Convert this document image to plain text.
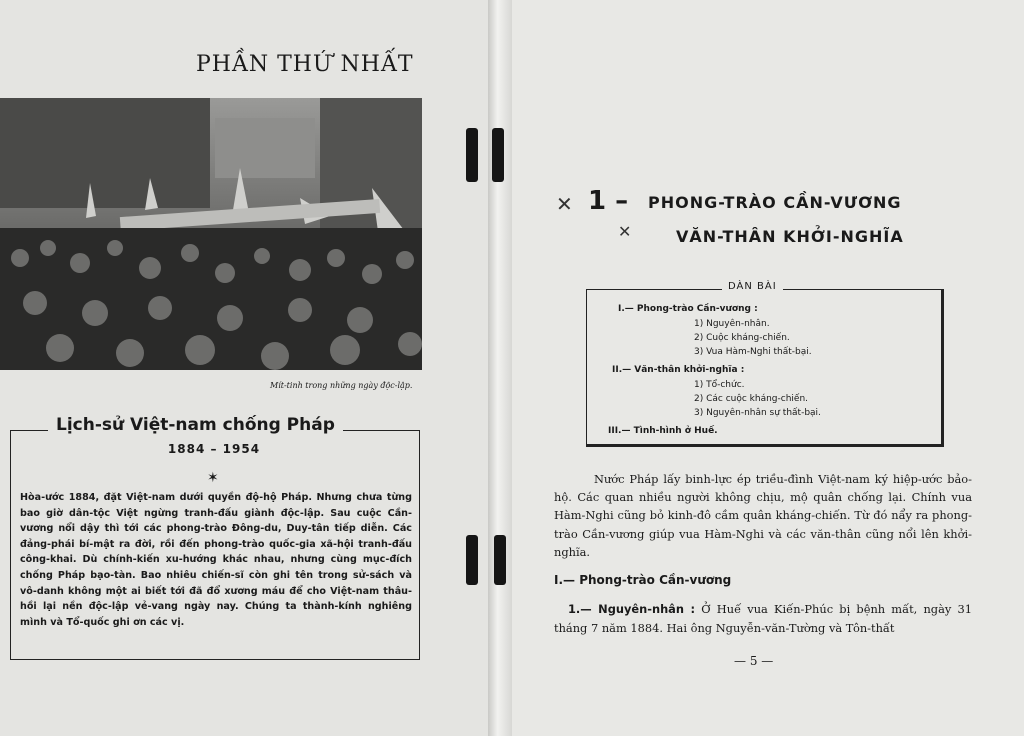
PHẦN THỨ NHẤT
Mít-tinh trong những ngày độc-lập.
Lịch-sử Việt-nam chống Pháp
1884 – 1954
✶
Hòa-ước 1884, đặt Việt-nam dưới quyền độ-hộ Pháp. Nhưng chưa từng bao giờ dân-tộc Việt ngừng tranh-đấu giành độc-lập. Sau cuộc Cần-vương nổi dậy thì tới các phong-trào Đông-du, Duy-tân tiếp diễn. Các đảng-phái bí-mật ra đời, rồi đến phong-trào quốc-gia xã-hội tranh-đấu công-khai. Dù chính-kiến xu-hướng khác nhau, nhưng cùng mục-đích chống Pháp bạo-tàn. Bao nhiêu chiến-sĩ còn ghi tên trong sử-sách và vô-danh không một ai biết tới đã đổ xương máu để cho Việt-nam thâu-hồi lại nền độc-lập vẻ-vang ngày nay. Chúng ta thành-kính nghiêng mình và Tổ-quốc ghi ơn các vị.
✕
✕
1 – PHONG-TRÀO CẦN-VƯƠNG
VĂN-THÂN KHỞI-NGHĨA
DÀN BÀI
I.— Phong-trào Cần-vương :
1) Nguyên-nhân.
2) Cuộc kháng-chiến.
3) Vua Hàm-Nghi thất-bại.
II.— Văn-thân khởi-nghĩa :
1) Tổ-chức.
2) Các cuộc kháng-chiến.
3) Nguyên-nhân sự thất-bại.
III.— Tình-hình ở Huế.
Nước Pháp lấy binh-lực ép triều-đình Việt-nam ký hiệp-ước bảo-hộ. Các quan nhiều người không chịu, mộ quân chống lại. Chính vua Hàm-Nghi cũng bỏ kinh-đô cầm quân kháng-chiến. Từ đó nẩy ra phong-trào Cần-vương giúp vua Hàm-Nghi và các văn-thân cũng nổi lên khởi-nghĩa.
I.— Phong-trào Cần-vương
1.— Nguyên-nhân : Ở Huế vua Kiến-Phúc bị bệnh mất, ngày 31 tháng 7 năm 1884. Hai ông Nguyễn-văn-Tường và Tôn-thất
— 5 —
